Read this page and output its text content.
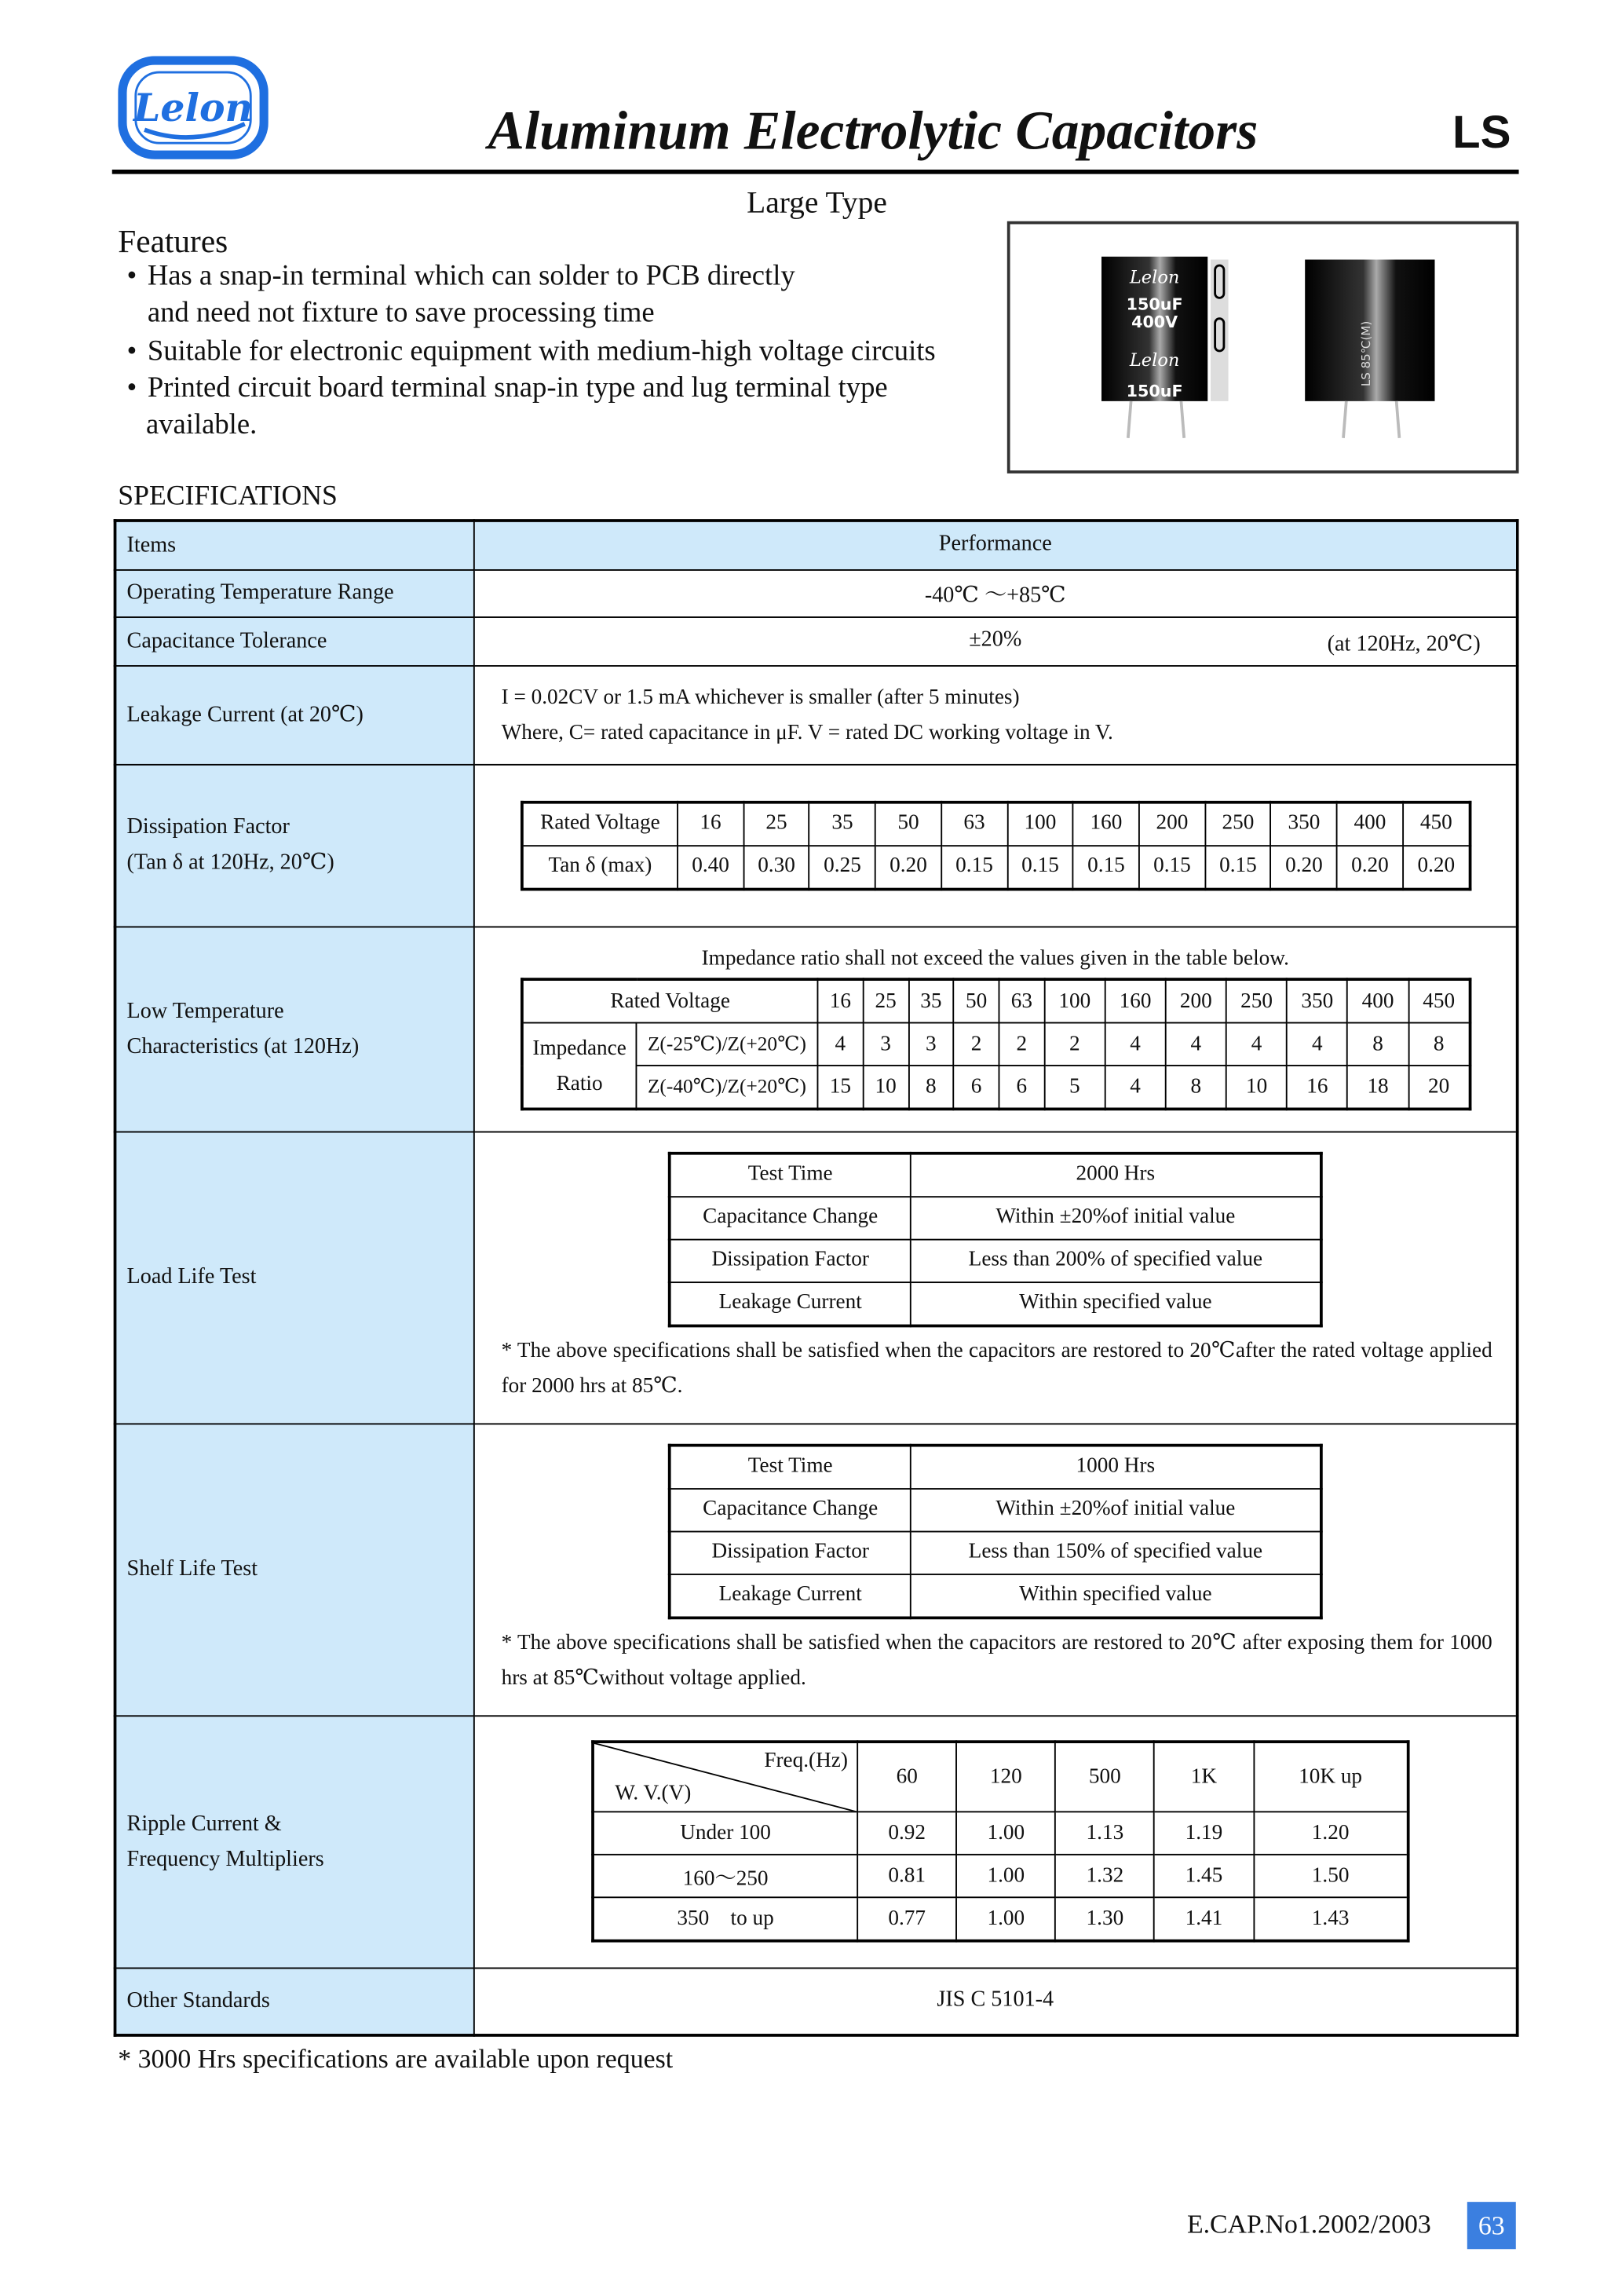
Lelon	Aluminum Electrolytic Capacitors	LS
Large Type
Features
• Has a snap-in terminal which can solder to PCB directly
and need not fixture to save processing time
• Suitable for electronic equipment with medium-high voltage circuits
• Printed circuit board terminal snap-in type and lug terminal type
available.
Lelon
150uF
400V
Lelon
150uF
LS 85℃(M)
SPECIFICATIONS
Items	Performance
Operating Temperature Range	-40℃ ～+85℃
Capacitance Tolerance	±20%	(at 120Hz, 20℃)

Leakage Current (at 20℃)	
I = 0.02CV or 1.5 mA whichever is smaller (after 5 minutes)
Where, C= rated capacitance in μF. V = rated DC working voltage in V.

Dissipation Factor
(Tan δ at 120Hz, 20℃)

Rated Voltage	16	25	35	50	63	100	160	200	250	350	400	450
Tan δ (max)	0.40	0.30	0.25	0.20	0.15	0.15	0.15	0.15	0.15	0.20	0.20	0.20

Low Temperature
Characteristics (at 120Hz)

Impedance ratio shall not exceed the values given in the table below.
Rated Voltage	16	25	35	50	63	100	160	200	250	350	400	450

Impedance
Ratio
	Z(-25℃)/Z(+20℃)	4	3	3	2	2	2	4	4	4	4	8	8
Z(-40℃)/Z(+20℃)	15	10	8	6	6	5	4	8	10	16	18	20

Load Life Test	
Test Time	2000 Hrs
Capacitance Change	Within ±20%of initial value
Dissipation Factor	Less than 200% of specified value
Leakage Current	Within specified value
* The above specifications shall be satisfied when the capacitors are restored to 20℃after the rated voltage applied for 2000 hrs at 85℃.

Shelf Life Test	
Test Time	1000 Hrs
Capacitance Change	Within ±20%of initial value
Dissipation Factor	Less than 150% of specified value
Leakage Current	Within specified value
* The above specifications shall be satisfied when the capacitors are restored to 20℃ after exposing them for 1000 hrs at 85℃without voltage applied.

Ripple Current &
Frequency Multipliers

Freq.(Hz)
W. V.(V)
	60	120	500	1K	10K up
Under 100	0.92	1.00	1.13	1.19	1.20
160～250	0.81	1.00	1.32	1.45	1.50
350    to up	0.77	1.00	1.30	1.41	1.43

Other Standards	JIS C 5101-4
* 3000 Hrs specifications are available upon request
E.CAP.No1.2002/2003	63
